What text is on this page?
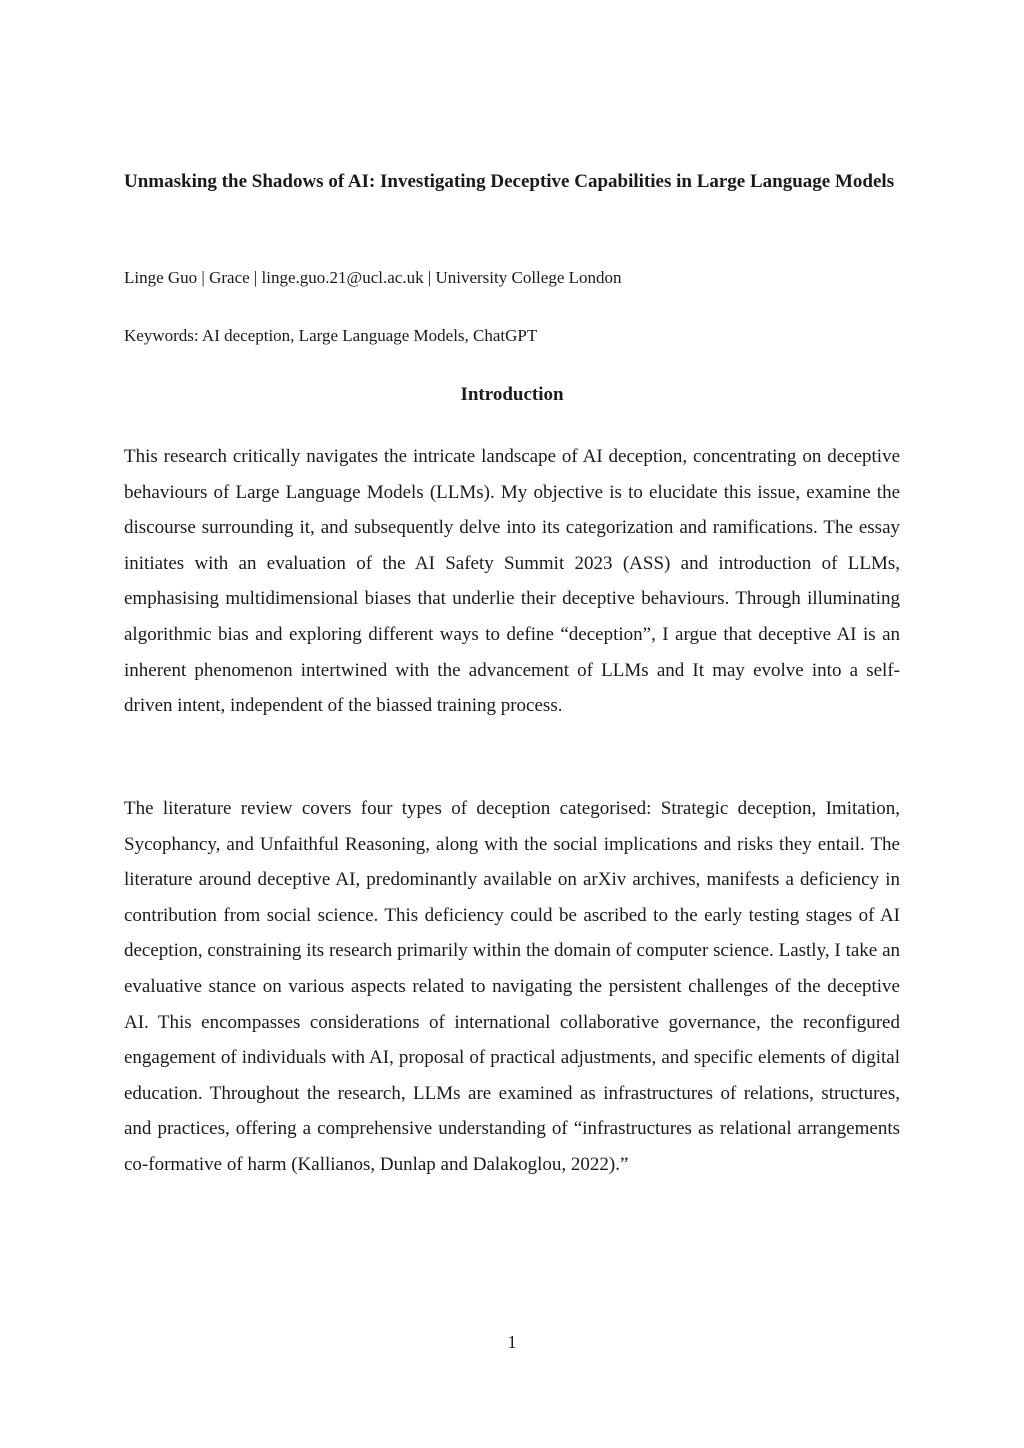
Unmasking the Shadows of AI: Investigating Deceptive Capabilities in Large Language Models

Linge Guo | Grace | linge.guo.21@ucl.ac.uk | University College London

Keywords: AI deception, Large Language Models, ChatGPT

Introduction

This research critically navigates the intricate landscape of AI deception, concentrating on deceptive behaviours of Large Language Models (LLMs). My objective is to elucidate this issue, examine the discourse surrounding it, and subsequently delve into its categorization and ramifications. The essay initiates with an evaluation of the AI Safety Summit 2023 (ASS) and introduction of LLMs, emphasising multidimensional biases that underlie their deceptive behaviours. Through illuminating algorithmic bias and exploring different ways to define “deception”, I argue that deceptive AI is an inherent phenomenon intertwined with the advancement of LLMs and It may evolve into a self-driven intent, independent of the biassed training process.

The literature review covers four types of deception categorised: Strategic deception, Imitation, Sycophancy, and Unfaithful Reasoning, along with the social implications and risks they entail. The literature around deceptive AI, predominantly available on arXiv archives, manifests a deficiency in contribution from social science. This deficiency could be ascribed to the early testing stages of AI deception, constraining its research primarily within the domain of computer science. Lastly, I take an evaluative stance on various aspects related to navigating the persistent challenges of the deceptive AI. This encompasses considerations of international collaborative governance, the reconfigured engagement of individuals with AI, proposal of practical adjustments, and specific elements of digital education. Throughout the research, LLMs are examined as infrastructures of relations, structures, and practices, offering a comprehensive understanding of “infrastructures as relational arrangements co-formative of harm (Kallianos, Dunlap and Dalakoglou, 2022).”

1
